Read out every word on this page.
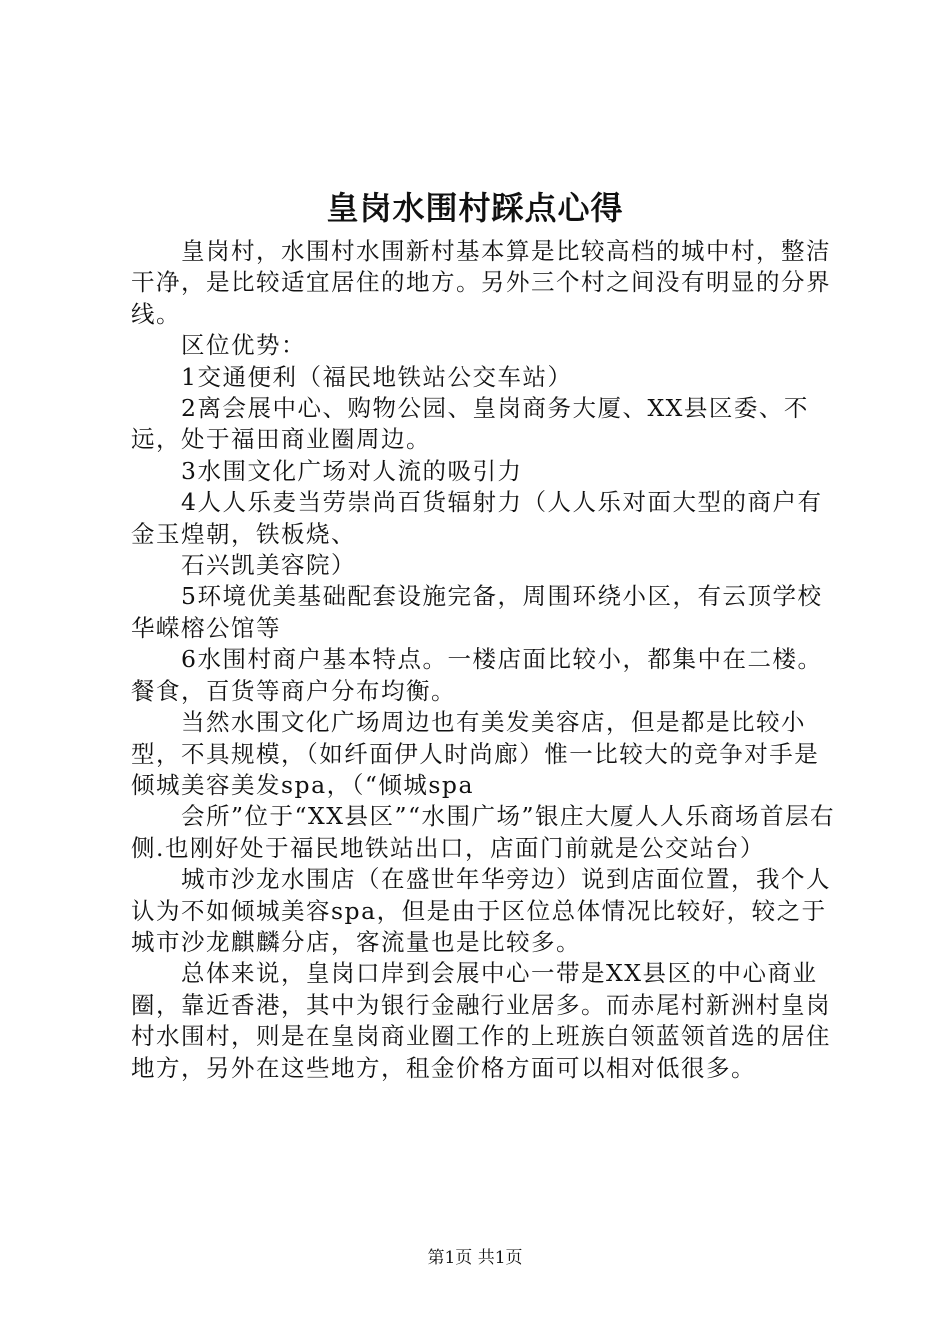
皇岗水围村踩点心得

皇岗村，水围村水围新村基本算是比较高档的城中村，整洁干净，是比较适宜居住的地方。另外三个村之间没有明显的分界线。

区位优势：

1交通便利（福民地铁站公交车站）

2离会展中心、购物公园、皇岗商务大厦、XX县区委、不远，处于福田商业圈周边。

3水围文化广场对人流的吸引力

4人人乐麦当劳崇尚百货辐射力（人人乐对面大型的商户有金玉煌朝，铁板烧、

石兴凯美容院）

5环境优美基础配套设施完备，周围环绕小区，有云顶学校华嵘榕公馆等

6水围村商户基本特点。一楼店面比较小，都集中在二楼。餐食，百货等商户分布均衡。

当然水围文化广场周边也有美发美容店，但是都是比较小型，不具规模，（如纤面伊人时尚廊）惟一比较大的竞争对手是倾城美容美发spa，（“倾城spa

会所”位于“XX县区”“水围广场”银庄大厦人人乐商场首层右侧.也刚好处于福民地铁站出口，店面门前就是公交站台）

城市沙龙水围店（在盛世年华旁边）说到店面位置，我个人认为不如倾城美容spa，但是由于区位总体情况比较好，较之于城市沙龙麒麟分店，客流量也是比较多。

总体来说，皇岗口岸到会展中心一带是XX县区的中心商业圈，靠近香港，其中为银行金融行业居多。而赤尾村新洲村皇岗村水围村，则是在皇岗商业圈工作的上班族白领蓝领首选的居住地方，另外在这些地方，租金价格方面可以相对低很多。

第1页 共1页
